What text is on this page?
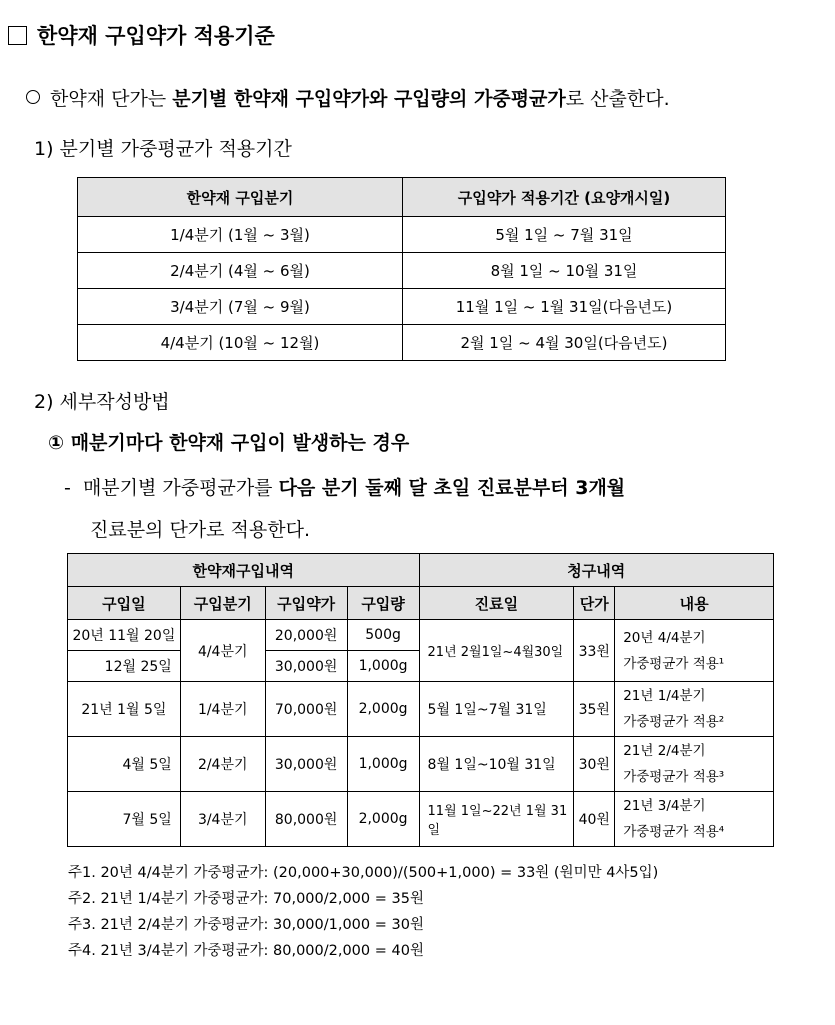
한약재 구입약가 적용기준
한약재 단가는 분기별 한약재 구입약가와 구입량의 가중평균가로 산출한다.
1) 분기별 가중평균가 적용기간
한약재 구입분기	구입약가 적용기간 (요양개시일)
1/4분기 (1월 ~ 3월)	5월 1일 ~ 7월 31일
2/4분기 (4월 ~ 6월)	8월 1일 ~ 10월 31일
3/4분기 (7월 ~ 9월)	11월 1일 ~ 1월 31일(다음년도)
4/4분기 (10월 ~ 12월)	2월 1일 ~ 4월 30일(다음년도)
2) 세부작성방법
① 매분기마다 한약재 구입이 발생하는 경우
- 매분기별 가중평균가를 다음 분기 둘째 달 초일 진료분부터 3개월
진료분의 단가로 적용한다.
한약재구입내역				청구내역		
구입일	구입분기	구입약가	구입량	진료일	단가	내용
20년 11월 20일	4/4분기	20,000원	500g	21년 2월1일~4월30일	33원	20년 4/4분기
가중평균가 적용¹
12월 25일		30,000원	1,000g			
21년 1월 5일	1/4분기	70,000원	2,000g	5월 1일~7월 31일	35원	21년 1/4분기
가중평균가 적용²
4월 5일	2/4분기	30,000원	1,000g	8월 1일~10월 31일	30원	21년 2/4분기
가중평균가 적용³
7월 5일	3/4분기	80,000원	2,000g	11월 1일~22년 1월 31일	40원	21년 3/4분기
가중평균가 적용⁴
주1. 20년 4/4분기 가중평균가: (20,000+30,000)/(500+1,000) = 33원 (원미만 4사5입)
주2. 21년 1/4분기 가중평균가: 70,000/2,000 = 35원
주3. 21년 2/4분기 가중평균가: 30,000/1,000 = 30원
주4. 21년 3/4분기 가중평균가: 80,000/2,000 = 40원
